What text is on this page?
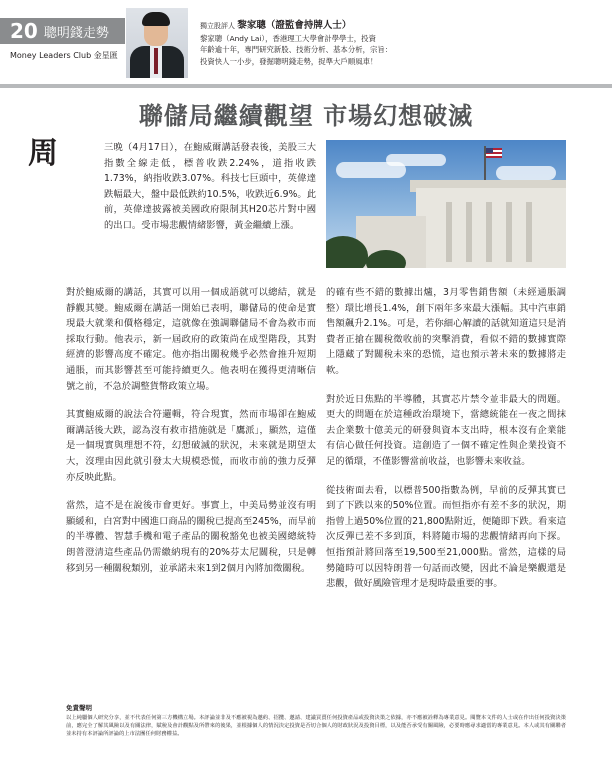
20 聰明錢走勢
Money Leaders Club 金星匯
獨立股評人 黎家聰（證監會持牌人士）
黎家聰（Andy Lai），香港理工大學會計學學士，投資
年齡逾十年，專門研究新股、技術分析、基本分析，宗旨：
投資快人一小步，發掘聰明錢走勢，捉準大戶順風車！
聯儲局繼續觀望 市場幻想破滅
周	三晚（4月17日），在鮑威爾講話發表後，美股三大指數全線走低，標普收跌2.24%，道指收跌1.73%，納指收跌3.07%。科技七巨頭中，英偉達跌幅最大，盤中最低跌約10.5%，收跌近6.9%。此前，英偉達披露被美國政府限制其H20芯片對中國的出口。受市場悲觀情緒影響，黃金繼續上漲。

對於鮑威爾的講話，其實可以用一個成語就可以總結，就是靜觀其變。鮑威爾在講話一開始已表明，聯儲局的使命是實現最大就業和價格穩定，這就像在強調聯儲局不會為救市而採取行動。他表示，新一屆政府的政策尚在成型階段，其對經濟的影響高度不確定。他亦指出關稅幾乎必然會推升短期通脹，而其影響甚至可能持續更久。他表明在獲得更清晰信號之前，不急於調整貨幣政策立場。

其實鮑威爾的說法合符邏輯，符合現實，然而市場卻在鮑威爾講話後大跌，認為沒有救市措施就是「鷹派」，顯然，這僅是一個現實與理想不符，幻想破滅的狀況，未來就是期望太大，沒理由因此就引發太大規模恐慌，而收市前的強力反彈亦反映此點。

當然，這不是在說後市會更好。事實上，中美局勢並沒有明顯緩和，白宮對中國進口商品的關稅已提高至245%，而早前的半導體、智慧手機和電子產品的關稅豁免也被美國總統特朗普澄清這些產品仍需繳納現有的20%芬太尼關稅，只是轉移到另一種關稅類別，並承諾未來1到2個月內將加徵關稅。

的確有些不錯的數據出爐，3月零售銷售額（未經通脹調整）環比增長1.4%，創下兩年多來最大漲幅。其中汽車銷售額飆升2.1%。可是，若你細心解讀的話就知道這只是消費者正搶在關稅徵收前的突擊消費，看似不錯的數據實際上隱藏了對關稅未來的恐慌，這也預示著未來的數據將走軟。

對於近日焦點的半導體，其實芯片禁令並非最大的問題。更大的問題在於這種政治環境下，當總統能在一夜之間抹去企業數十億美元的研發與資本支出時，根本沒有企業能有信心做任何投資。這創造了一個不確定性與企業投資不足的循環，不僅影響當前收益，也影響未來收益。

從技術面去看，以標普500指數為例，早前的反彈其實已到了下跌以來的50%位置。而恒指亦有差不多的狀況，期指曾上過50%位置的21,800點附近，便隨即下跌。看來這次反彈已差不多到頂，料將隨市場的悲觀情緒再向下探。恒指預計將回落至19,500至21,000點。當然，這樣的局勢隨時可以因特朗普一句話而改變，因此不論是樂觀還是悲觀，做好風險管理才是現時最重要的事。

免責聲明
以上純屬個人研究分享，並不代表任何第三方機構立場。本評論並非及不應被視為邀約、招攬、邀請、建議買賣任何投資產品或投資決策之依據，亦不應被詮釋為專業意見。閱覽本文件的人士或在作出任何投資決策前，應完全了解其風險以及有關法律，賦稅及會計觀點及所帶來的後果，並根據個人的情況決定投資是否切合個人的財政狀況及投資目標，以及能否承受有關風險，必要時應尋求適當的專業意見。本人或其有關聯者並未持有本評論所評論的上市法團任何財務權益。
